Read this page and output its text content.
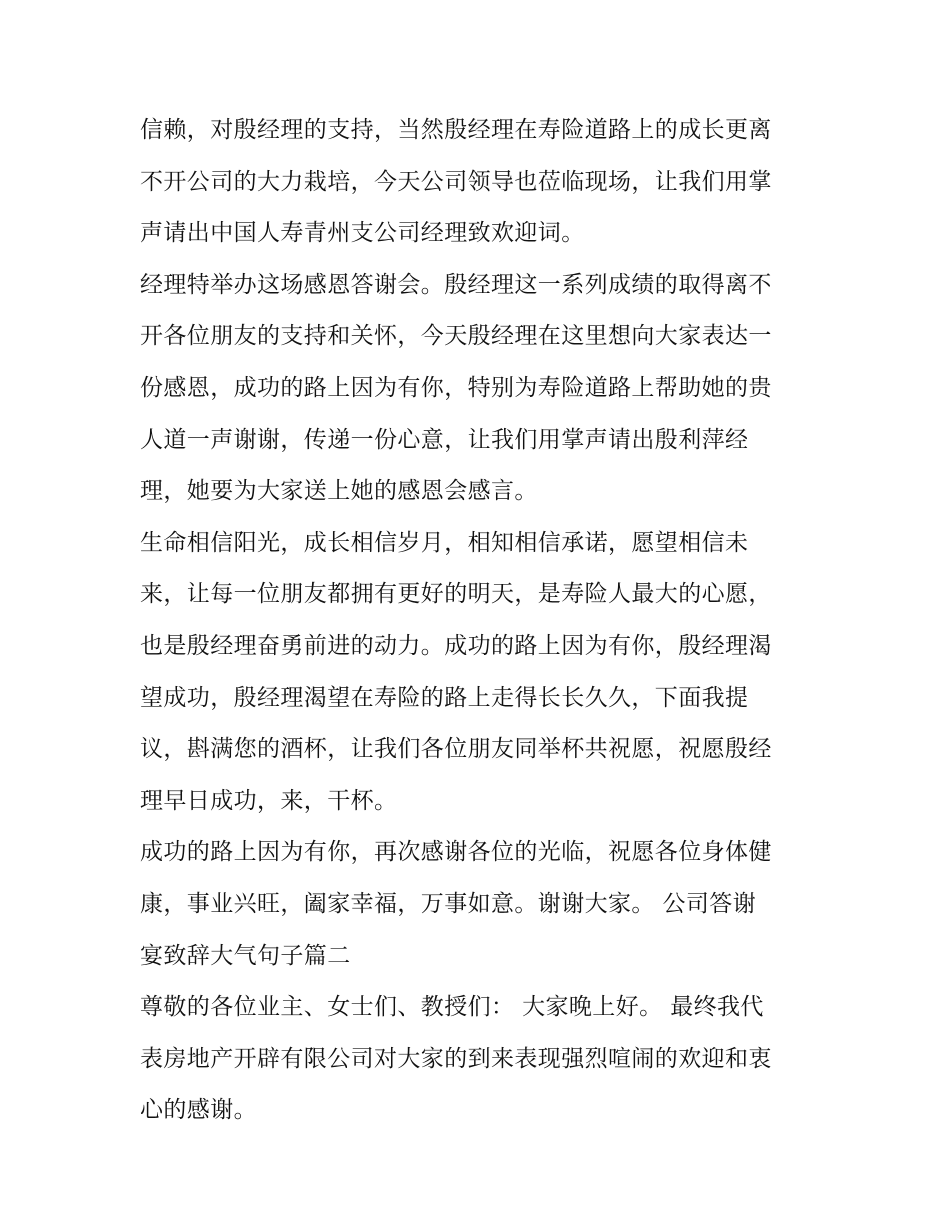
信赖，对殷经理的支持，当然殷经理在寿险道路上的成长更离
不开公司的大力栽培，今天公司领导也莅临现场，让我们用掌
声请出中国人寿青州支公司经理致欢迎词。
经理特举办这场感恩答谢会。殷经理这一系列成绩的取得离不
开各位朋友的支持和关怀，今天殷经理在这里想向大家表达一
份感恩，成功的路上因为有你，特别为寿险道路上帮助她的贵
人道一声谢谢，传递一份心意，让我们用掌声请出殷利萍经
理，她要为大家送上她的感恩会感言。
生命相信阳光，成长相信岁月，相知相信承诺，愿望相信未
来，让每一位朋友都拥有更好的明天，是寿险人最大的心愿，
也是殷经理奋勇前进的动力。成功的路上因为有你，殷经理渴
望成功，殷经理渴望在寿险的路上走得长长久久，下面我提
议，斟满您的酒杯，让我们各位朋友同举杯共祝愿，祝愿殷经
理早日成功，来，干杯。
成功的路上因为有你，再次感谢各位的光临，祝愿各位身体健
康，事业兴旺，阖家幸福，万事如意。谢谢大家。 公司答谢
宴致辞大气句子篇二
尊敬的各位业主、女士们、教授们： 大家晚上好。 最终我代
表房地产开辟有限公司对大家的到来表现强烈喧闹的欢迎和衷
心的感谢。
